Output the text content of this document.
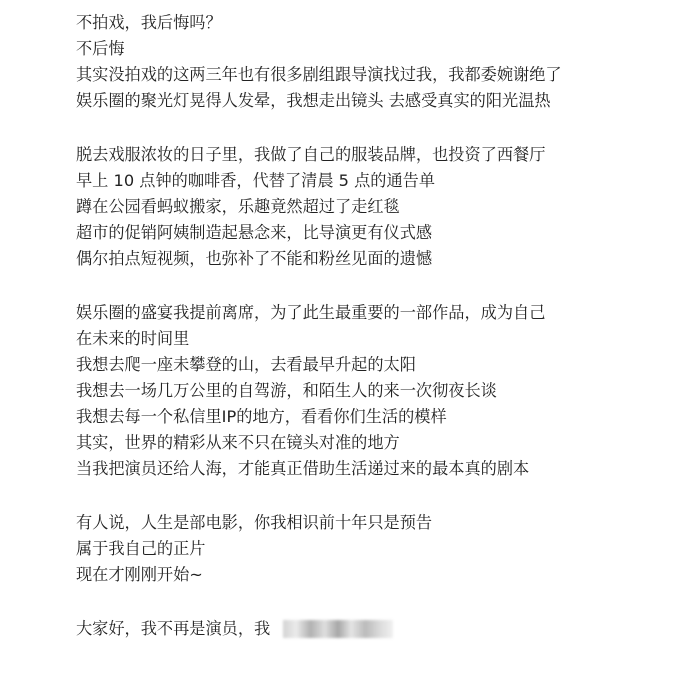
不拍戏，我后悔吗？
不后悔
其实没拍戏的这两三年也有很多剧组跟导演找过我，我都委婉谢绝了
娱乐圈的聚光灯晃得人发晕，我想走出镜头 去感受真实的阳光温热
脱去戏服浓妆的日子里，我做了自己的服装品牌，也投资了西餐厅
早上 10 点钟的咖啡香，代替了清晨 5 点的通告单
蹲在公园看蚂蚁搬家，乐趣竟然超过了走红毯
超市的促销阿姨制造起悬念来，比导演更有仪式感
偶尔拍点短视频，也弥补了不能和粉丝见面的遗憾
娱乐圈的盛宴我提前离席，为了此生最重要的一部作品，成为自己
在未来的时间里
我想去爬一座未攀登的山，去看最早升起的太阳
我想去一场几万公里的自驾游，和陌生人的来一次彻夜长谈
我想去每一个私信里IP的地方，看看你们生活的模样
其实，世界的精彩从来不只在镜头对准的地方
当我把演员还给人海，才能真正借助生活递过来的最本真的剧本
有人说，人生是部电影，你我相识前十年只是预告
属于我自己的正片
现在才刚刚开始~
大家好，我不再是演员，我
